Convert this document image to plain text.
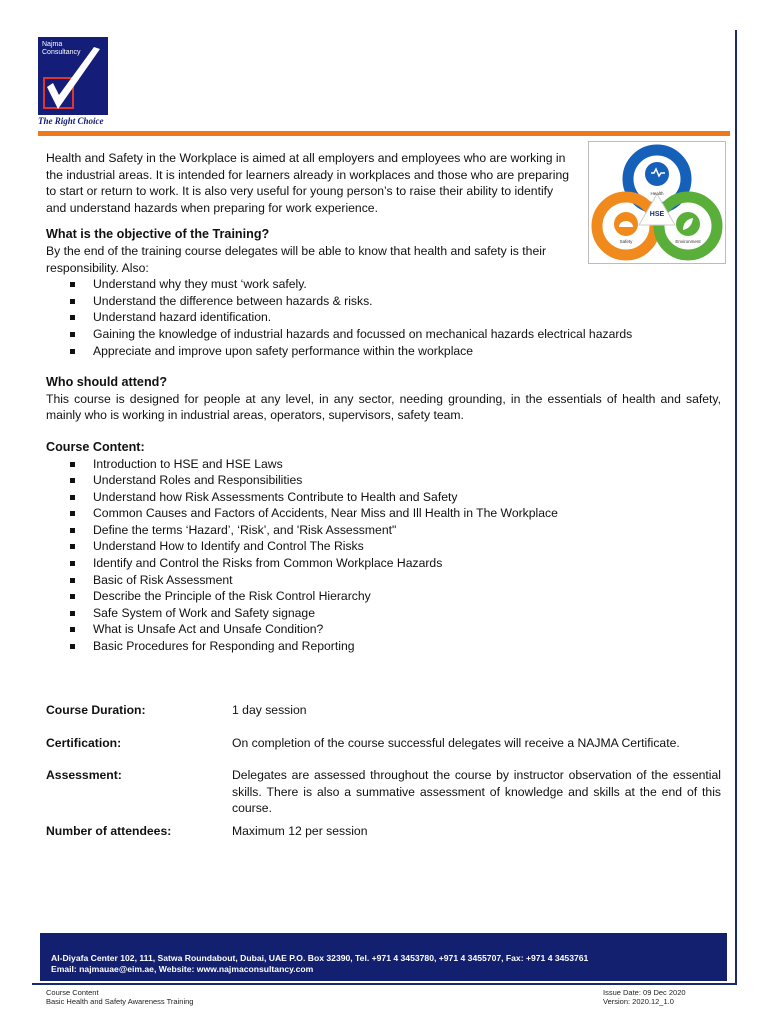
Najma
Consultancy
The Right Choice
HSE
Health
Safety	Environment

Health and Safety in the Workplace is aimed at all employers and employees who are working in the industrial areas. It is intended for learners already in workplaces and those who are preparing to start or return to work. It is also very useful for young person’s to raise their ability to identify and understand hazards when preparing for work experience.

What is the objective of the Training?

By the end of the training course delegates will be able to know that health and safety is their responsibility. Also:

Understand why they must ‘work safely.
Understand the difference between hazards & risks.
Understand hazard identification.
Gaining the knowledge of industrial hazards and focussed on mechanical hazards electrical hazards
Appreciate and improve upon safety performance within the workplace
Who should attend?

This course is designed for people at any level, in any sector, needing grounding, in the essentials of health and safety, mainly who is working in industrial areas, operators, supervisors, safety team.

Course Content:
Introduction to HSE and HSE Laws
Understand Roles and Responsibilities
Understand how Risk Assessments Contribute to Health and Safety
Common Causes and Factors of Accidents, Near Miss and Ill Health in The Workplace
Define the terms ‘Hazard’, ‘Risk’, and 'Risk Assessment"
Understand How to Identify and Control The Risks
Identify and Control the Risks from Common Workplace Hazards
Basic of Risk Assessment
Describe the Principle of the Risk Control Hierarchy
Safe System of Work and Safety signage
What is Unsafe Act and Unsafe Condition?
Basic Procedures for Responding and Reporting
Course Duration:	1 day session
Certification:	On completion of the course successful delegates will receive a NAJMA Certificate.
Assessment:	Delegates are assessed throughout the course by instructor observation of the essential skills. There is also a summative assessment of knowledge and skills at the end of this course.
Number of attendees:	Maximum 12 per session
Al-Diyafa Center 102, 111, Satwa Roundabout, Dubai, UAE P.O. Box 32390, Tel. +971 4 3453780, +971 4 3455707, Fax: +971 4 3453761
Email: najmauae@eim.ae, Website: www.najmaconsultancy.com
Course Content
Basic Health and Safety Awareness Training
Issue Date: 09 Dec 2020
Version: 2020.12_1.0
